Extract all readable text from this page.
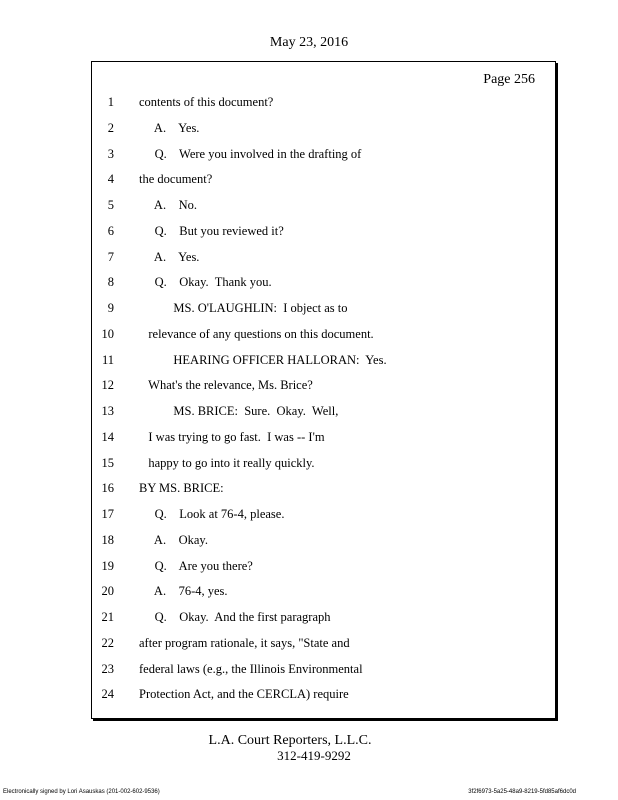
May 23, 2016
Page 256
1 contents of this document?
2 A.    Yes.
3 Q.    Were you involved in the drafting of
4 the document?
5 A.    No.
6 Q.    But you reviewed it?
7 A.    Yes.
8 Q.    Okay.  Thank you.
9 MS. O'LAUGHLIN:  I object as to
10 relevance of any questions on this document.
11 HEARING OFFICER HALLORAN:  Yes.
12 What's the relevance, Ms. Brice?
13 MS. BRICE:  Sure.  Okay.  Well,
14 I was trying to go fast.  I was -- I'm
15 happy to go into it really quickly.
16 BY MS. BRICE:
17 Q.    Look at 76-4, please.
18 A.    Okay.
19 Q.    Are you there?
20 A.    76-4, yes.
21 Q.    Okay.  And the first paragraph
22 after program rationale, it says, "State and
23 federal laws (e.g., the Illinois Environmental
24 Protection Act, and the CERCLA) require
L.A. Court Reporters, L.L.C.
312-419-9292
Electronically signed by Lori Asauskas (201-002-602-9536)	3f2f6973-5a25-48a9-8219-5fd85af6dc0d
